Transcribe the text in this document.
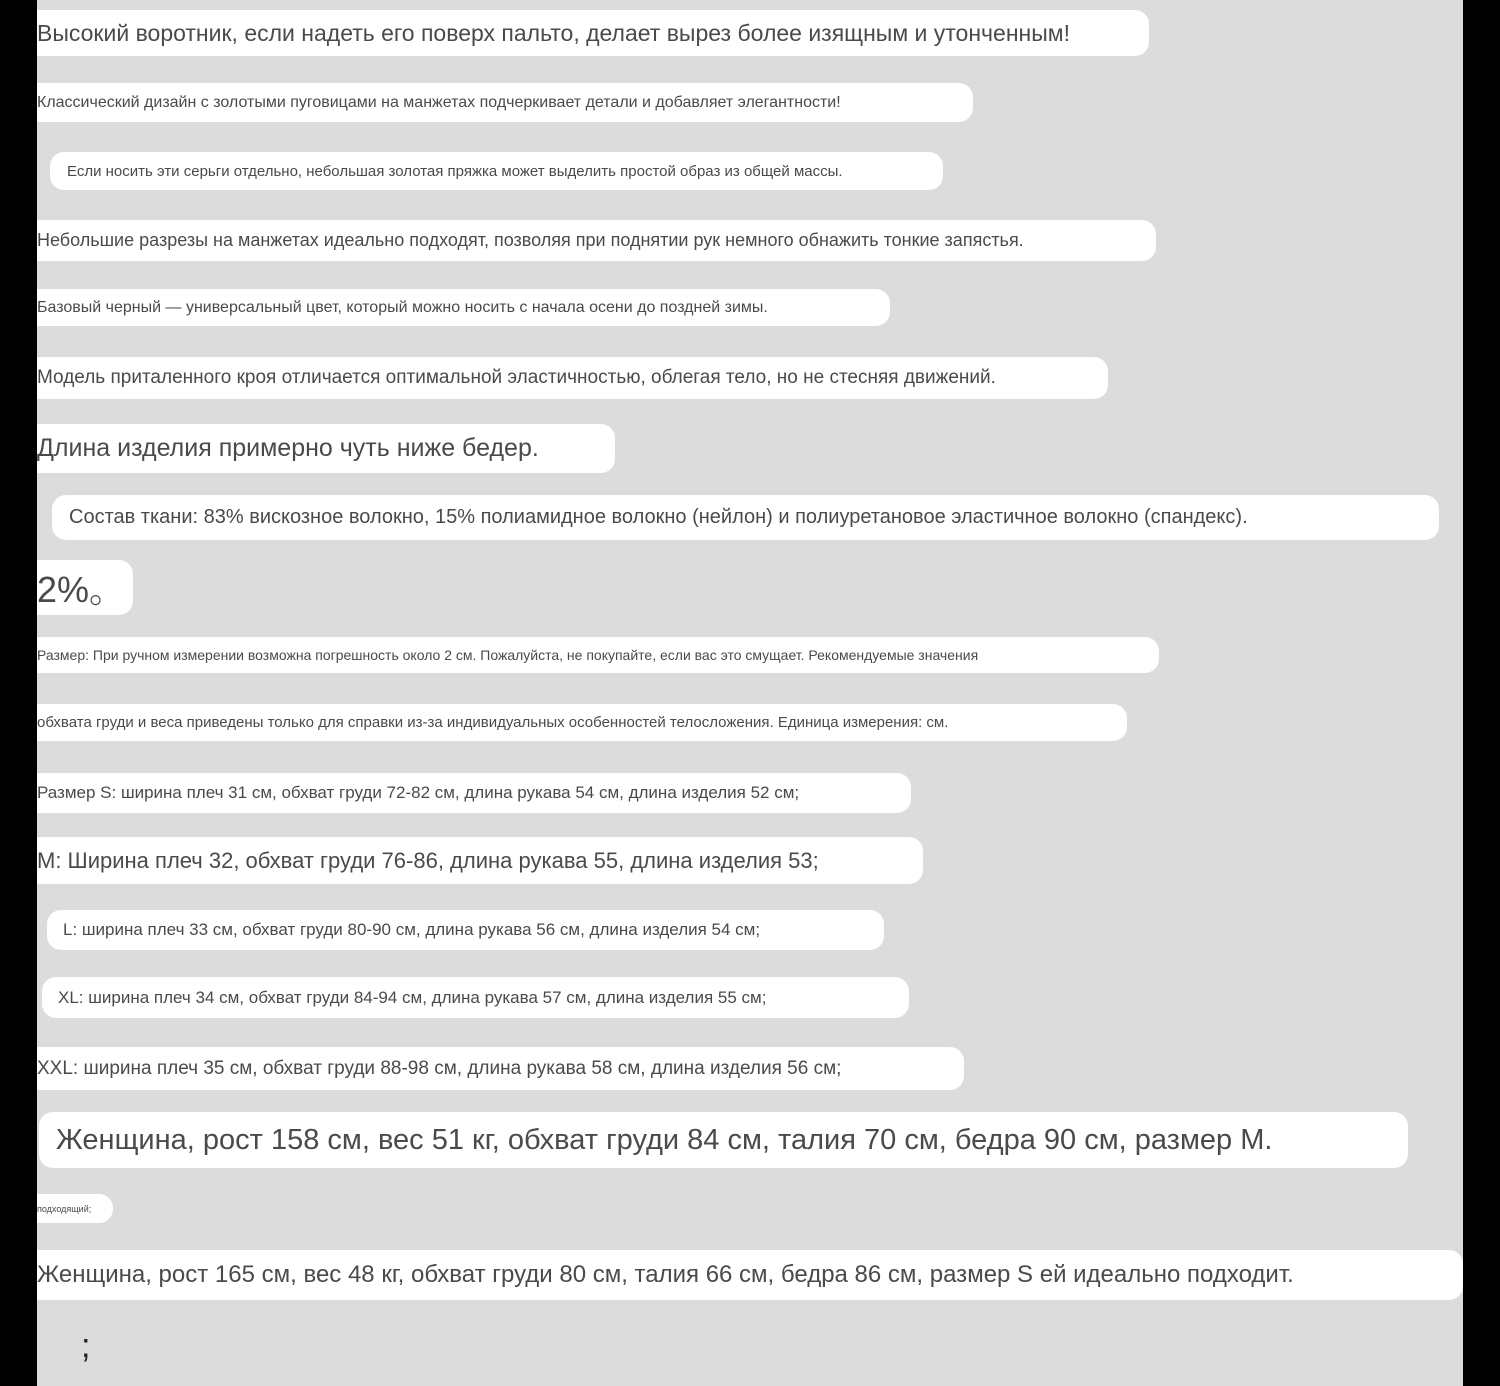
Высокий воротник, если надеть его поверх пальто, делает вырез более изящным и утонченным!
Классический дизайн с золотыми пуговицами на манжетах подчеркивает детали и добавляет элегантности!
Если носить эти серьги отдельно, небольшая золотая пряжка может выделить простой образ из общей массы.
Небольшие разрезы на манжетах идеально подходят, позволяя при поднятии рук немного обнажить тонкие запястья.
Базовый черный — универсальный цвет, который можно носить с начала осени до поздней зимы.
Модель приталенного кроя отличается оптимальной эластичностью, облегая тело, но не стесняя движений.
Длина изделия примерно чуть ниже бедер.
Состав ткани: 83% вискозное волокно, 15% полиамидное волокно (нейлон) и полиуретановое эластичное волокно (спандекс).
2%。
Размер: При ручном измерении возможна погрешность около 2 см. Пожалуйста, не покупайте, если вас это смущает. Рекомендуемые значения
обхвата груди и веса приведены только для справки из-за индивидуальных особенностей телосложения. Единица измерения: см.
Размер S: ширина плеч 31 см, обхват груди 72-82 см, длина рукава 54 см, длина изделия 52 см;
M: Ширина плеч 32, обхват груди 76-86, длина рукава 55, длина изделия 53;
L: ширина плеч 33 см, обхват груди 80-90 см, длина рукава 56 см, длина изделия 54 см;
XL: ширина плеч 34 см, обхват груди 84-94 см, длина рукава 57 см, длина изделия 55 см;
XXL: ширина плеч 35 см, обхват груди 88-98 см, длина рукава 58 см, длина изделия 56 см;
Женщина, рост 158 см, вес 51 кг, обхват груди 84 см, талия 70 см, бедра 90 см, размер M.
подходящий;
Женщина, рост 165 см, вес 48 кг, обхват груди 80 см, талия 66 см, бедра 86 см, размер S ей идеально подходит.
;
